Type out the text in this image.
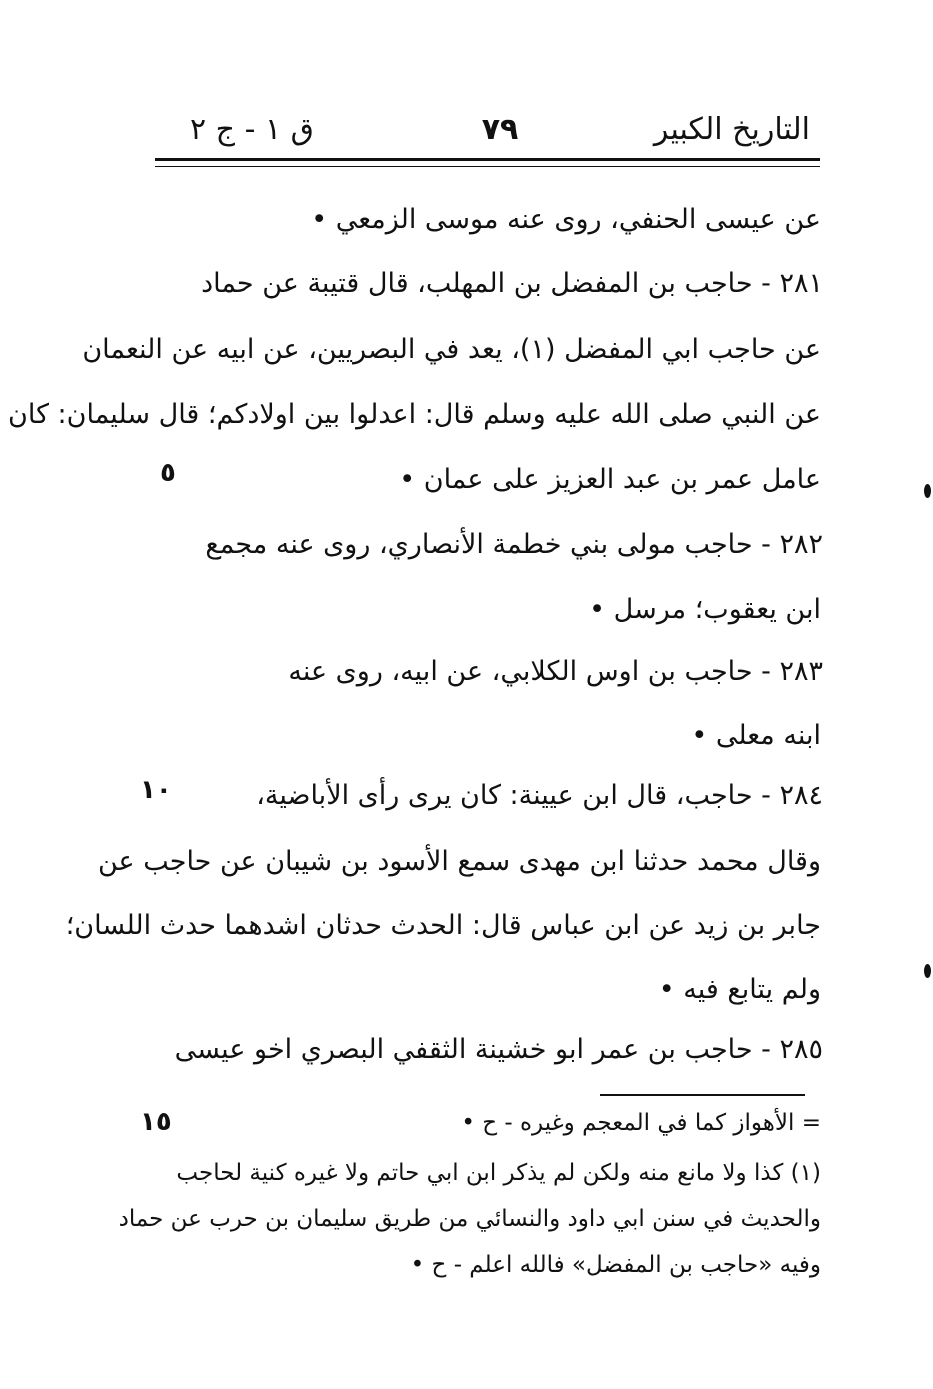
التاريخ الكبير
٧٩
ق ١ - ج ٢
عن عيسى الحنفي، روى عنه موسى الزمعي •
٢٨١ - حاجب بن المفضل بن المهلب، قال قتيبة عن حماد
عن حاجب ابي المفضل (١)، يعد في البصريين، عن ابيه عن النعمان
عن النبي صلى الله عليه وسلم قال: اعدلوا بين اولادكم؛ قال سليمان: كان
عامل عمر بن عبد العزيز على عمان •
٢٨٢ - حاجب مولى بني خطمة الأنصاري، روى عنه مجمع
ابن يعقوب؛ مرسل •
٢٨٣ - حاجب بن اوس الكلابي، عن ابيه، روى عنه
ابنه معلى •
٢٨٤ - حاجب، قال ابن عيينة: كان يرى رأى الأباضية،
وقال محمد حدثنا ابن مهدى سمع الأسود بن شيبان عن حاجب عن
جابر بن زيد عن ابن عباس قال: الحدث حدثان اشدهما حدث اللسان؛
ولم يتابع فيه •
٢٨٥ - حاجب بن عمر ابو خشينة الثقفي البصري اخو عيسى
٥
١٠
١٥	= الأهواز كما في المعجم وغيره - ح •
(١) كذا ولا مانع منه ولكن لم يذكر ابن ابي حاتم ولا غيره كنية لحاجب
والحديث في سنن ابي داود والنسائي من طريق سليمان بن حرب عن حماد
وفيه «حاجب بن المفضل» فالله اعلم - ح •
